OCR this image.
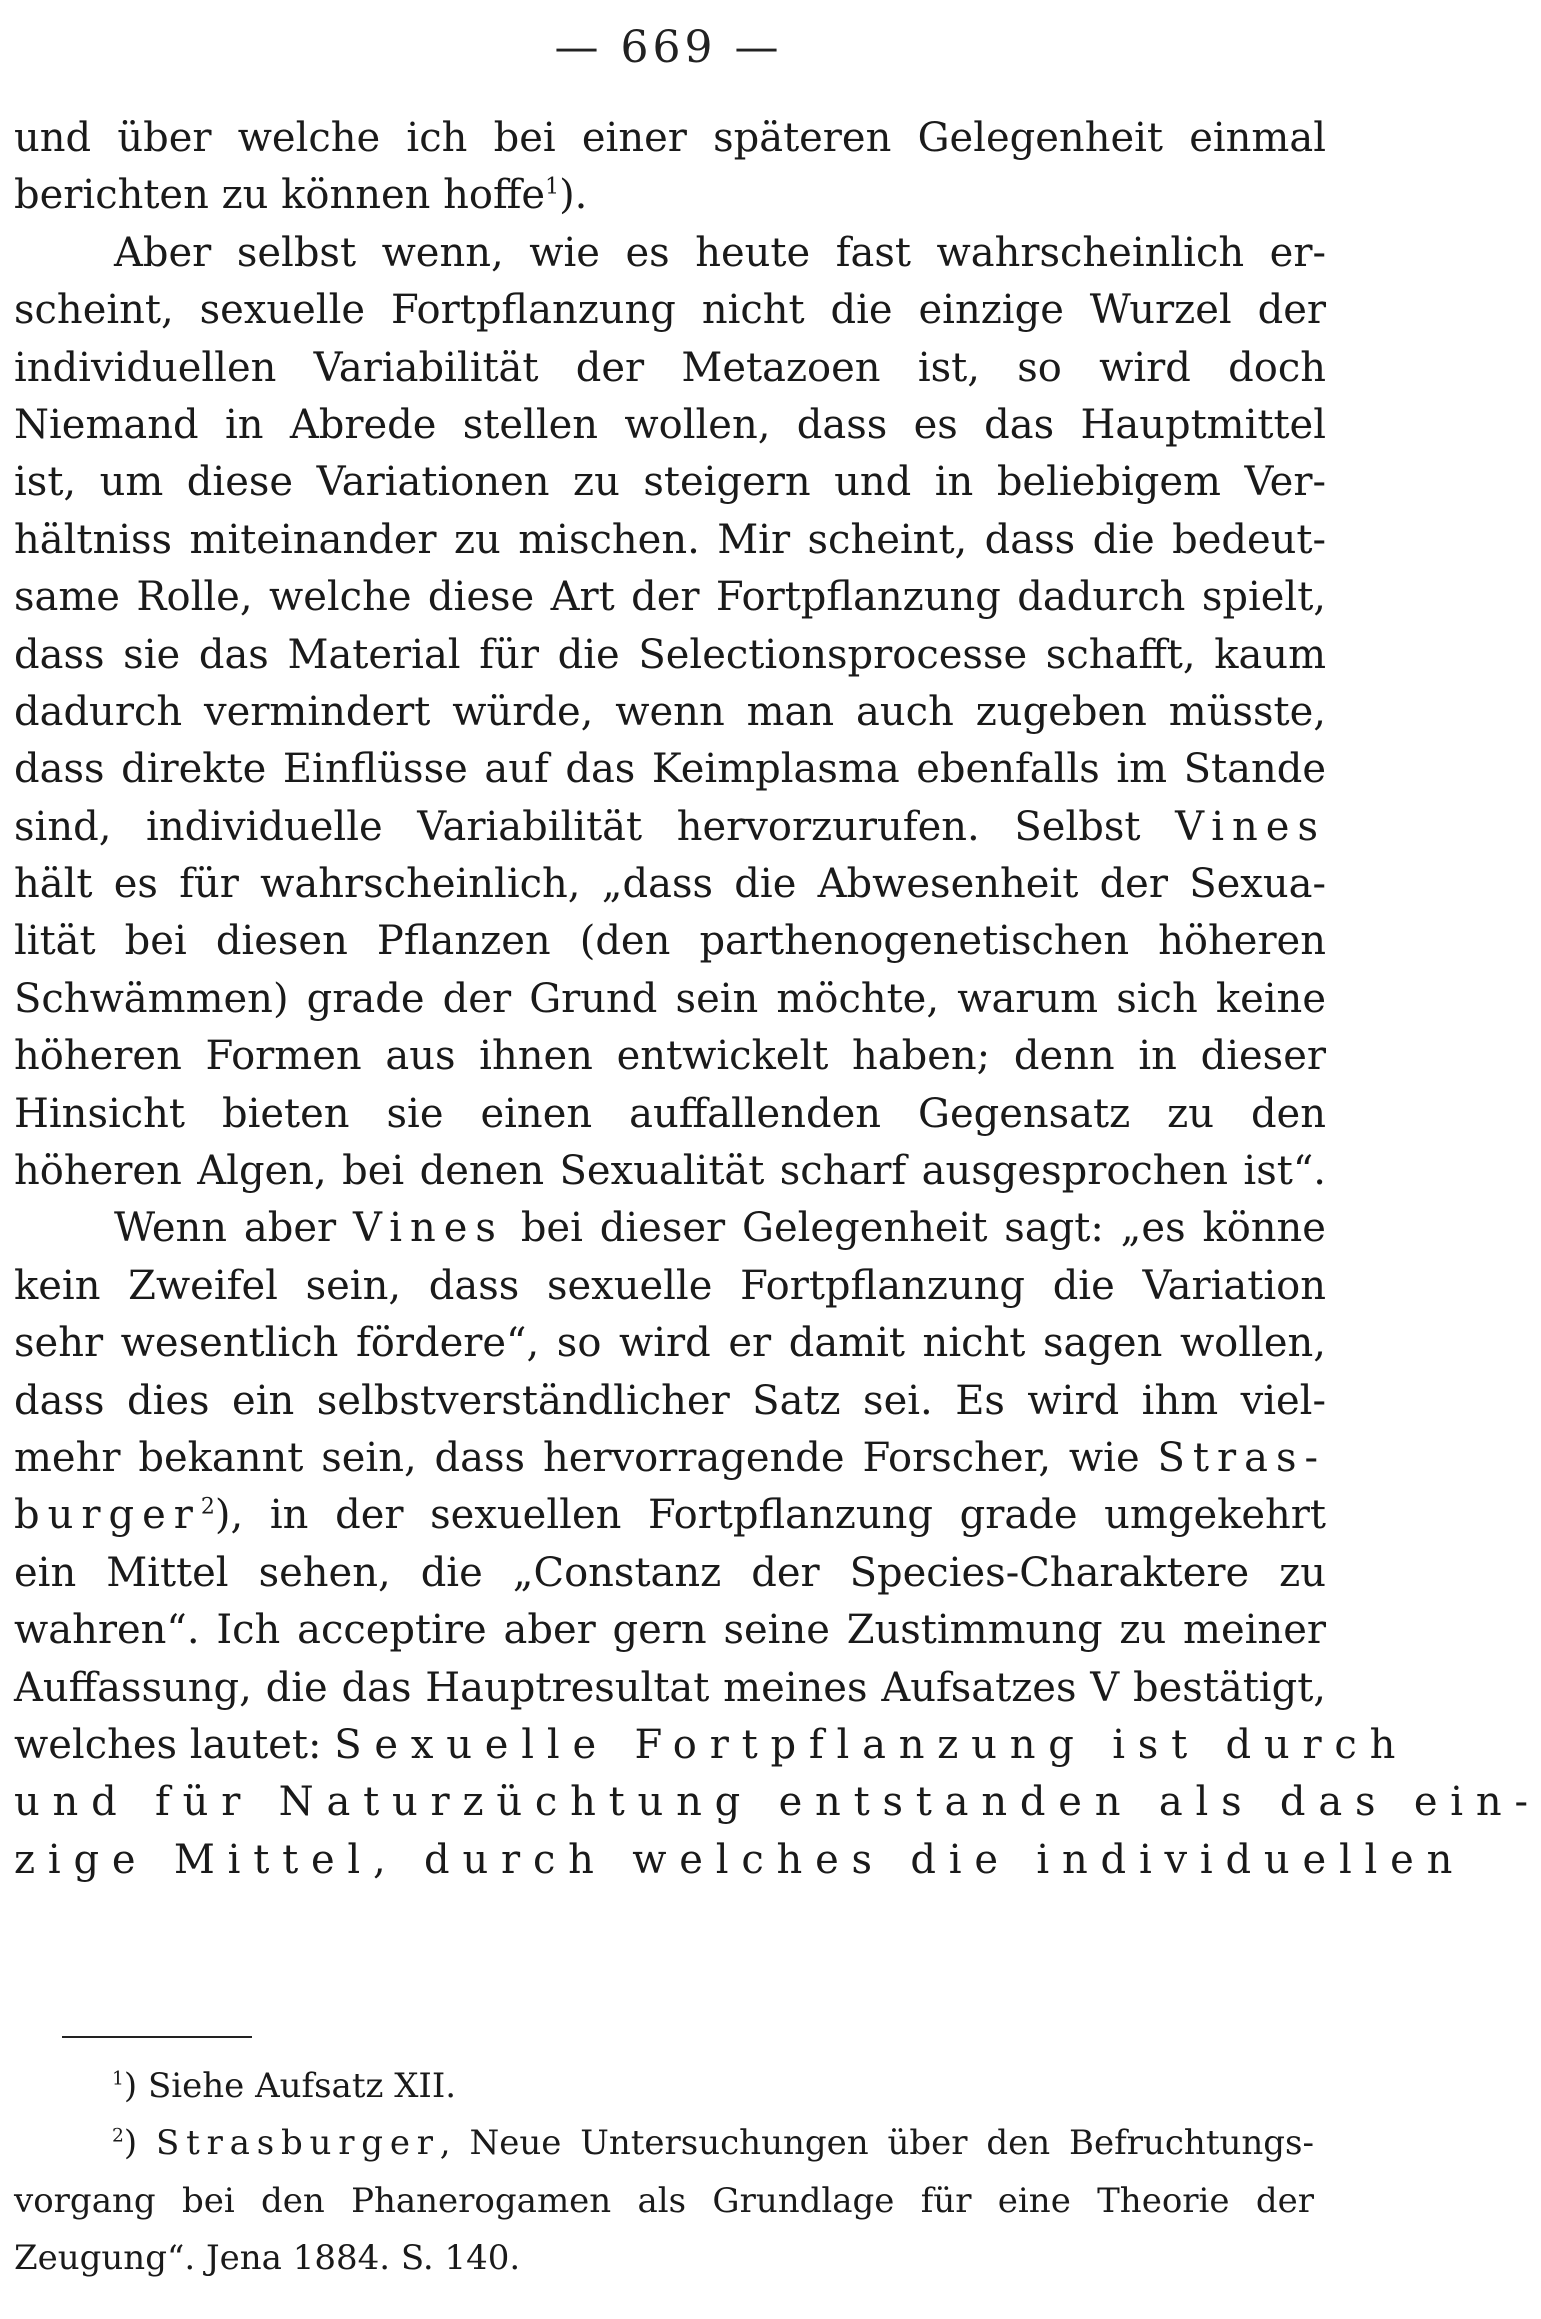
— 669 —
und über welche ich bei einer späteren Gelegenheit einmal
berichten zu können hoffe$^1$).
Aber selbst wenn, wie es heute fast wahrscheinlich er-
scheint, sexuelle Fortpflanzung nicht die einzige Wurzel der
individuellen Variabilität der Metazoen ist, so wird doch
Niemand in Abrede stellen wollen, dass es das Hauptmittel
ist, um diese Variationen zu steigern und in beliebigem Ver-
hältniss miteinander zu mischen. Mir scheint, dass die bedeut-
same Rolle, welche diese Art der Fortpflanzung dadurch spielt,
dass sie das Material für die Selectionsprocesse schafft, kaum
dadurch vermindert würde, wenn man auch zugeben müsste,
dass direkte Einflüsse auf das Keimplasma ebenfalls im Stande
sind, individuelle Variabilität hervorzurufen. Selbst Vines
hält es für wahrscheinlich, „dass die Abwesenheit der Sexua-
lität bei diesen Pflanzen (den parthenogenetischen höheren
Schwämmen) grade der Grund sein möchte, warum sich keine
höheren Formen aus ihnen entwickelt haben; denn in dieser
Hinsicht bieten sie einen auffallenden Gegensatz zu den
höheren Algen, bei denen Sexualität scharf ausgesprochen ist“.
Wenn aber Vines bei dieser Gelegenheit sagt: „es könne
kein Zweifel sein, dass sexuelle Fortpflanzung die Variation
sehr wesentlich fördere“, so wird er damit nicht sagen wollen,
dass dies ein selbstverständlicher Satz sei. Es wird ihm viel-
mehr bekannt sein, dass hervorragende Forscher, wie Stras-
burger$^2$), in der sexuellen Fortpflanzung grade umgekehrt
ein Mittel sehen, die „Constanz der Species-Charaktere zu
wahren“. Ich acceptire aber gern seine Zustimmung zu meiner
Auffassung, die das Hauptresultat meines Aufsatzes V bestätigt,
welches lautet: Sexuelle Fortpflanzung ist durch
und für Naturzüchtung entstanden als das ein-
zige Mittel, durch welches die individuellen
$^1$) Siehe Aufsatz XII.
$^2$) Strasburger, Neue Untersuchungen über den Befruchtungs-
vorgang bei den Phanerogamen als Grundlage für eine Theorie der
Zeugung“. Jena 1884. S. 140.
